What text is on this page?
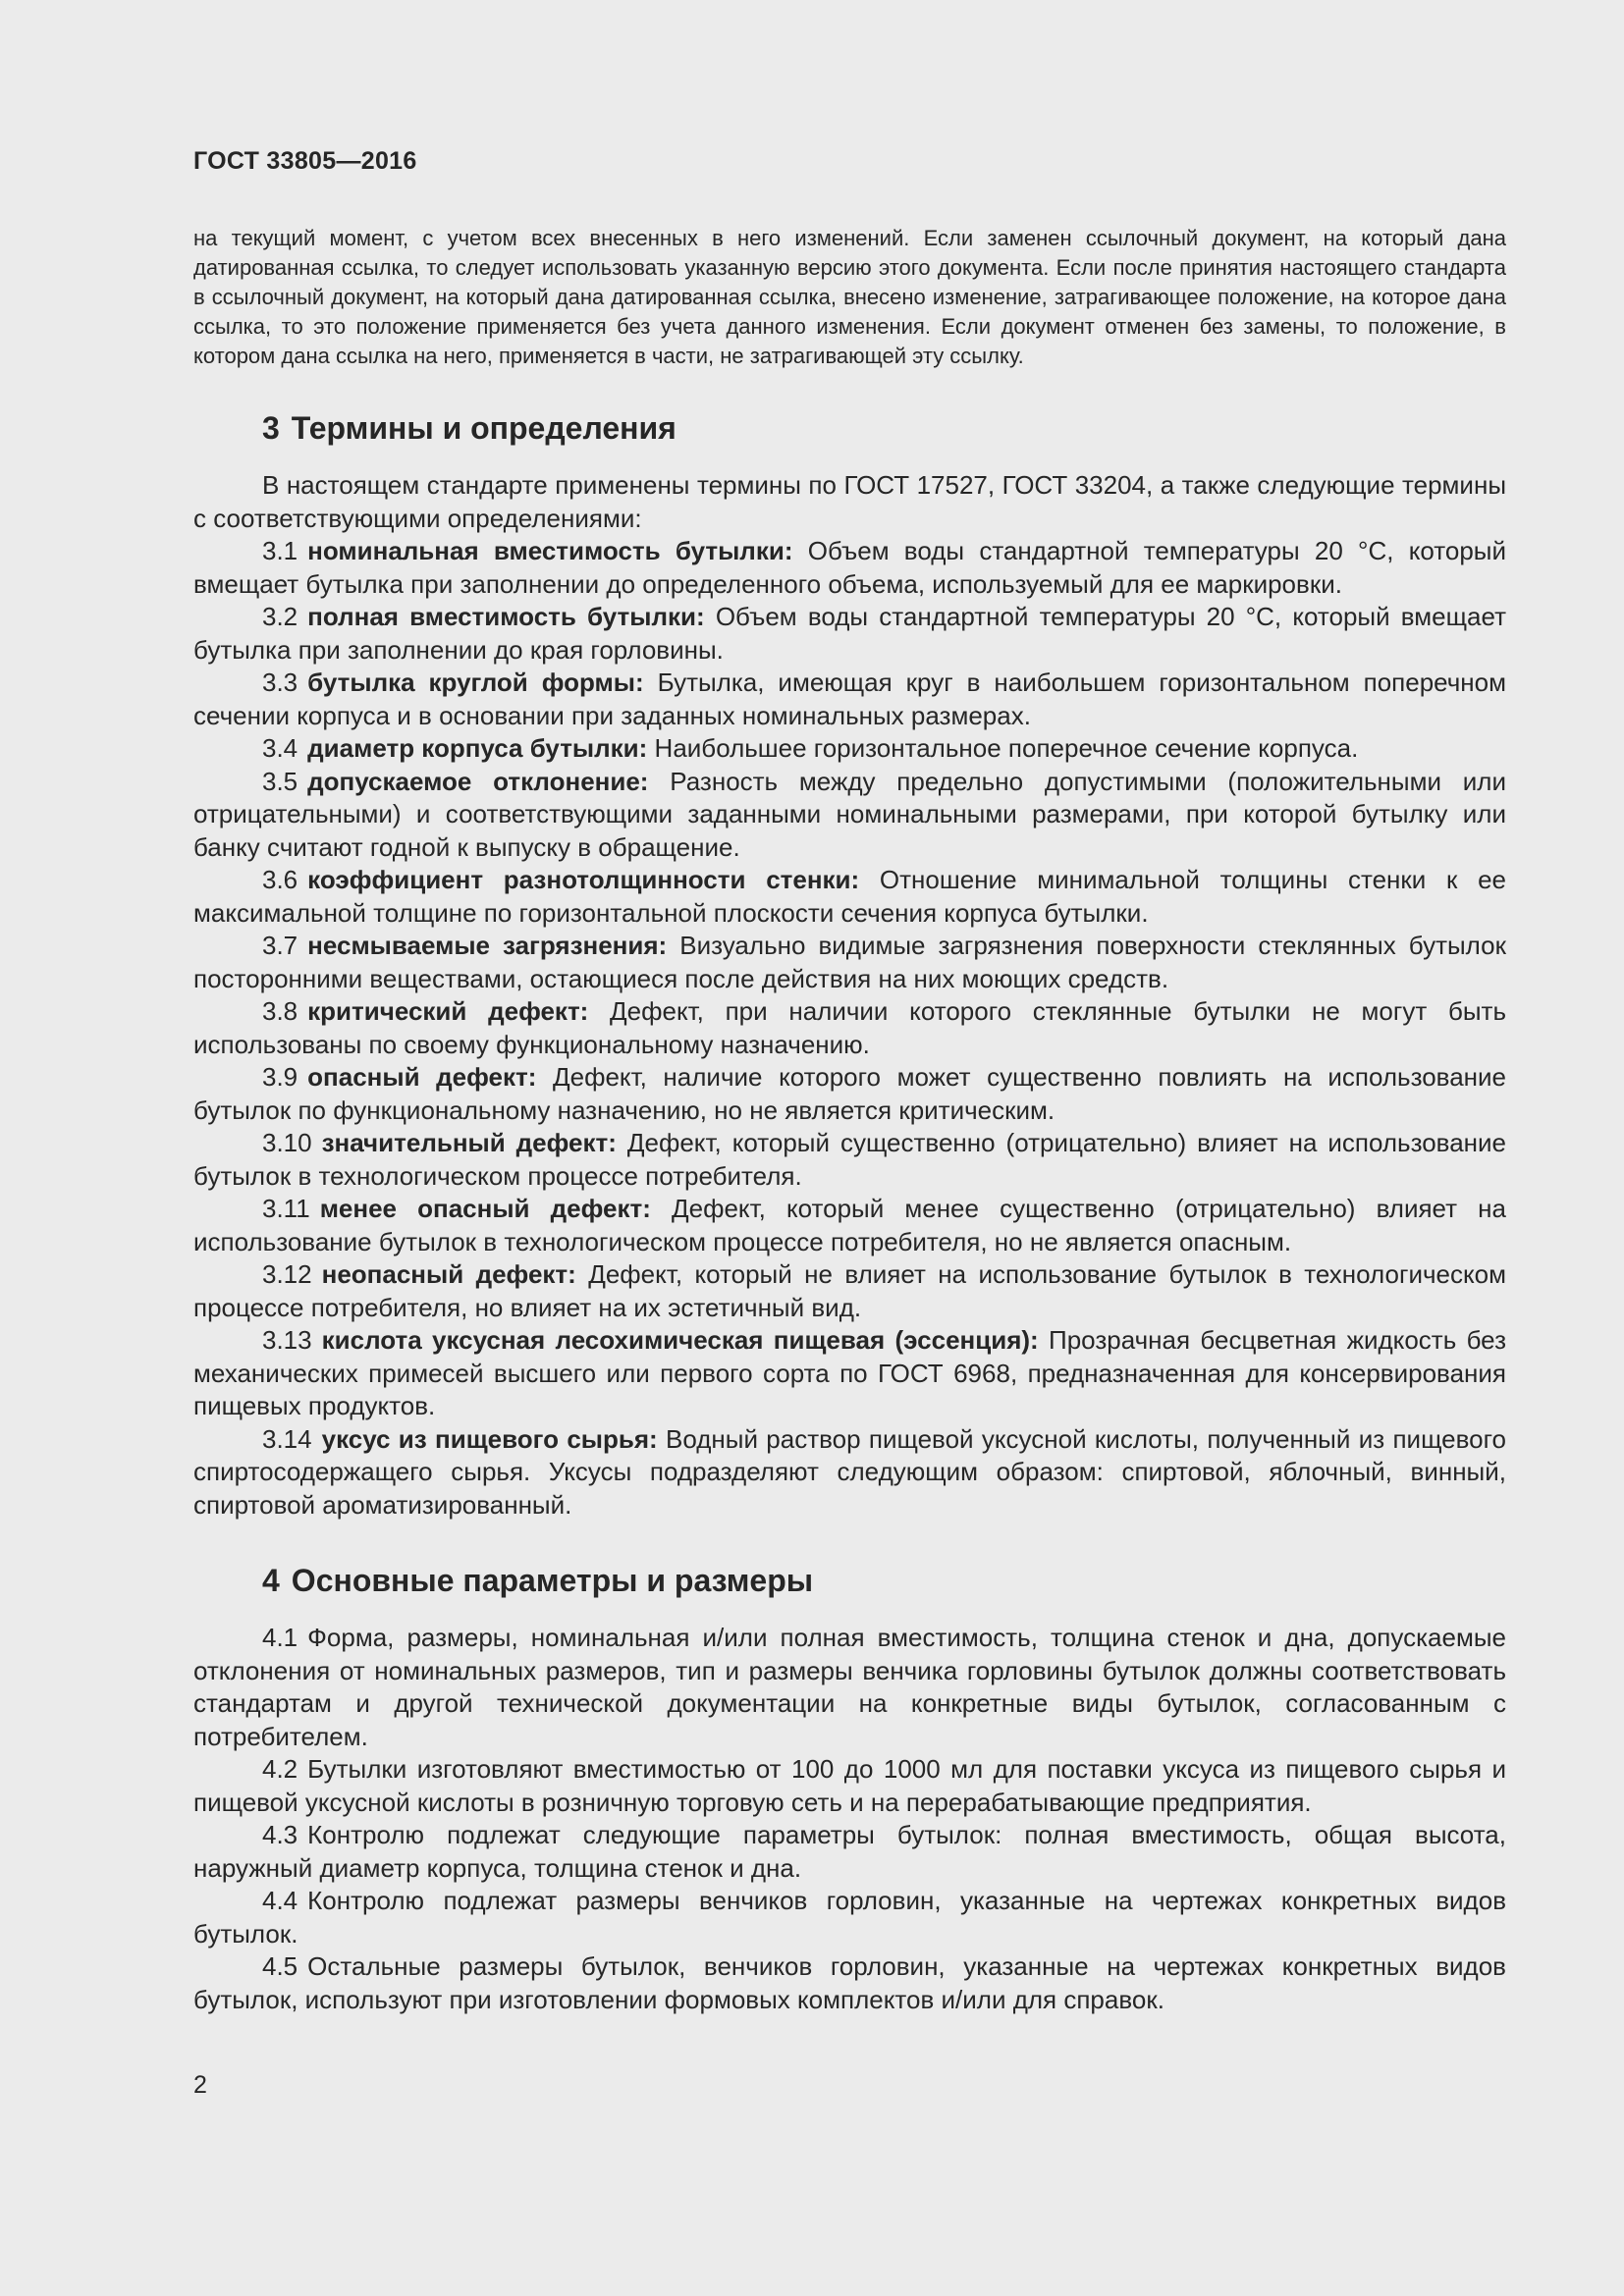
ГОСТ 33805—2016

на текущий момент, с учетом всех внесенных в него изменений. Если заменен ссылочный документ, на который дана датированная ссылка, то следует использовать указанную версию этого документа. Если после принятия настоящего стандарта в ссылочный документ, на который дана датированная ссылка, внесено изменение, затрагивающее положение, на которое дана ссылка, то это положение применяется без учета данного изменения. Если документ отменен без замены, то положение, в котором дана ссылка на него, применяется в части, не затрагивающей эту ссылку.

3 Термины и определения

В настоящем стандарте применены термины по ГОСТ 17527, ГОСТ 33204, а также следующие термины с соответствующими определениями:

3.1 номинальная вместимость бутылки: Объем воды стандартной температуры 20 °С, который вмещает бутылка при заполнении до определенного объема, используемый для ее маркировки.

3.2 полная вместимость бутылки: Объем воды стандартной температуры 20 °С, который вмещает бутылка при заполнении до края горловины.

3.3 бутылка круглой формы: Бутылка, имеющая круг в наибольшем горизонтальном поперечном сечении корпуса и в основании при заданных номинальных размерах.

3.4 диаметр корпуса бутылки: Наибольшее горизонтальное поперечное сечение корпуса.

3.5 допускаемое отклонение: Разность между предельно допустимыми (положительными или отрицательными) и соответствующими заданными номинальными размерами, при которой бутылку или банку считают годной к выпуску в обращение.

3.6 коэффициент разнотолщинности стенки: Отношение минимальной толщины стенки к ее максимальной толщине по горизонтальной плоскости сечения корпуса бутылки.

3.7 несмываемые загрязнения: Визуально видимые загрязнения поверхности стеклянных бутылок посторонними веществами, остающиеся после действия на них моющих средств.

3.8 критический дефект: Дефект, при наличии которого стеклянные бутылки не могут быть использованы по своему функциональному назначению.

3.9 опасный дефект: Дефект, наличие которого может существенно повлиять на использование бутылок по функциональному назначению, но не является критическим.

3.10 значительный дефект: Дефект, который существенно (отрицательно) влияет на использование бутылок в технологическом процессе потребителя.

3.11 менее опасный дефект: Дефект, который менее существенно (отрицательно) влияет на использование бутылок в технологическом процессе потребителя, но не является опасным.

3.12 неопасный дефект: Дефект, который не влияет на использование бутылок в технологическом процессе потребителя, но влияет на их эстетичный вид.

3.13 кислота уксусная лесохимическая пищевая (эссенция): Прозрачная бесцветная жидкость без механических примесей высшего или первого сорта по ГОСТ 6968, предназначенная для консервирования пищевых продуктов.

3.14 уксус из пищевого сырья: Водный раствор пищевой уксусной кислоты, полученный из пищевого спиртосодержащего сырья. Уксусы подразделяют следующим образом: спиртовой, яблочный, винный, спиртовой ароматизированный.

4 Основные параметры и размеры

4.1 Форма, размеры, номинальная и/или полная вместимость, толщина стенок и дна, допускаемые отклонения от номинальных размеров, тип и размеры венчика горловины бутылок должны соответствовать стандартам и другой технической документации на конкретные виды бутылок, согласованным с потребителем.

4.2 Бутылки изготовляют вместимостью от 100 до 1000 мл для поставки уксуса из пищевого сырья и пищевой уксусной кислоты в розничную торговую сеть и на перерабатывающие предприятия.

4.3 Контролю подлежат следующие параметры бутылок: полная вместимость, общая высота, наружный диаметр корпуса, толщина стенок и дна.

4.4 Контролю подлежат размеры венчиков горловин, указанные на чертежах конкретных видов бутылок.

4.5 Остальные размеры бутылок, венчиков горловин, указанные на чертежах конкретных видов бутылок, используют при изготовлении формовых комплектов и/или для справок.

2
